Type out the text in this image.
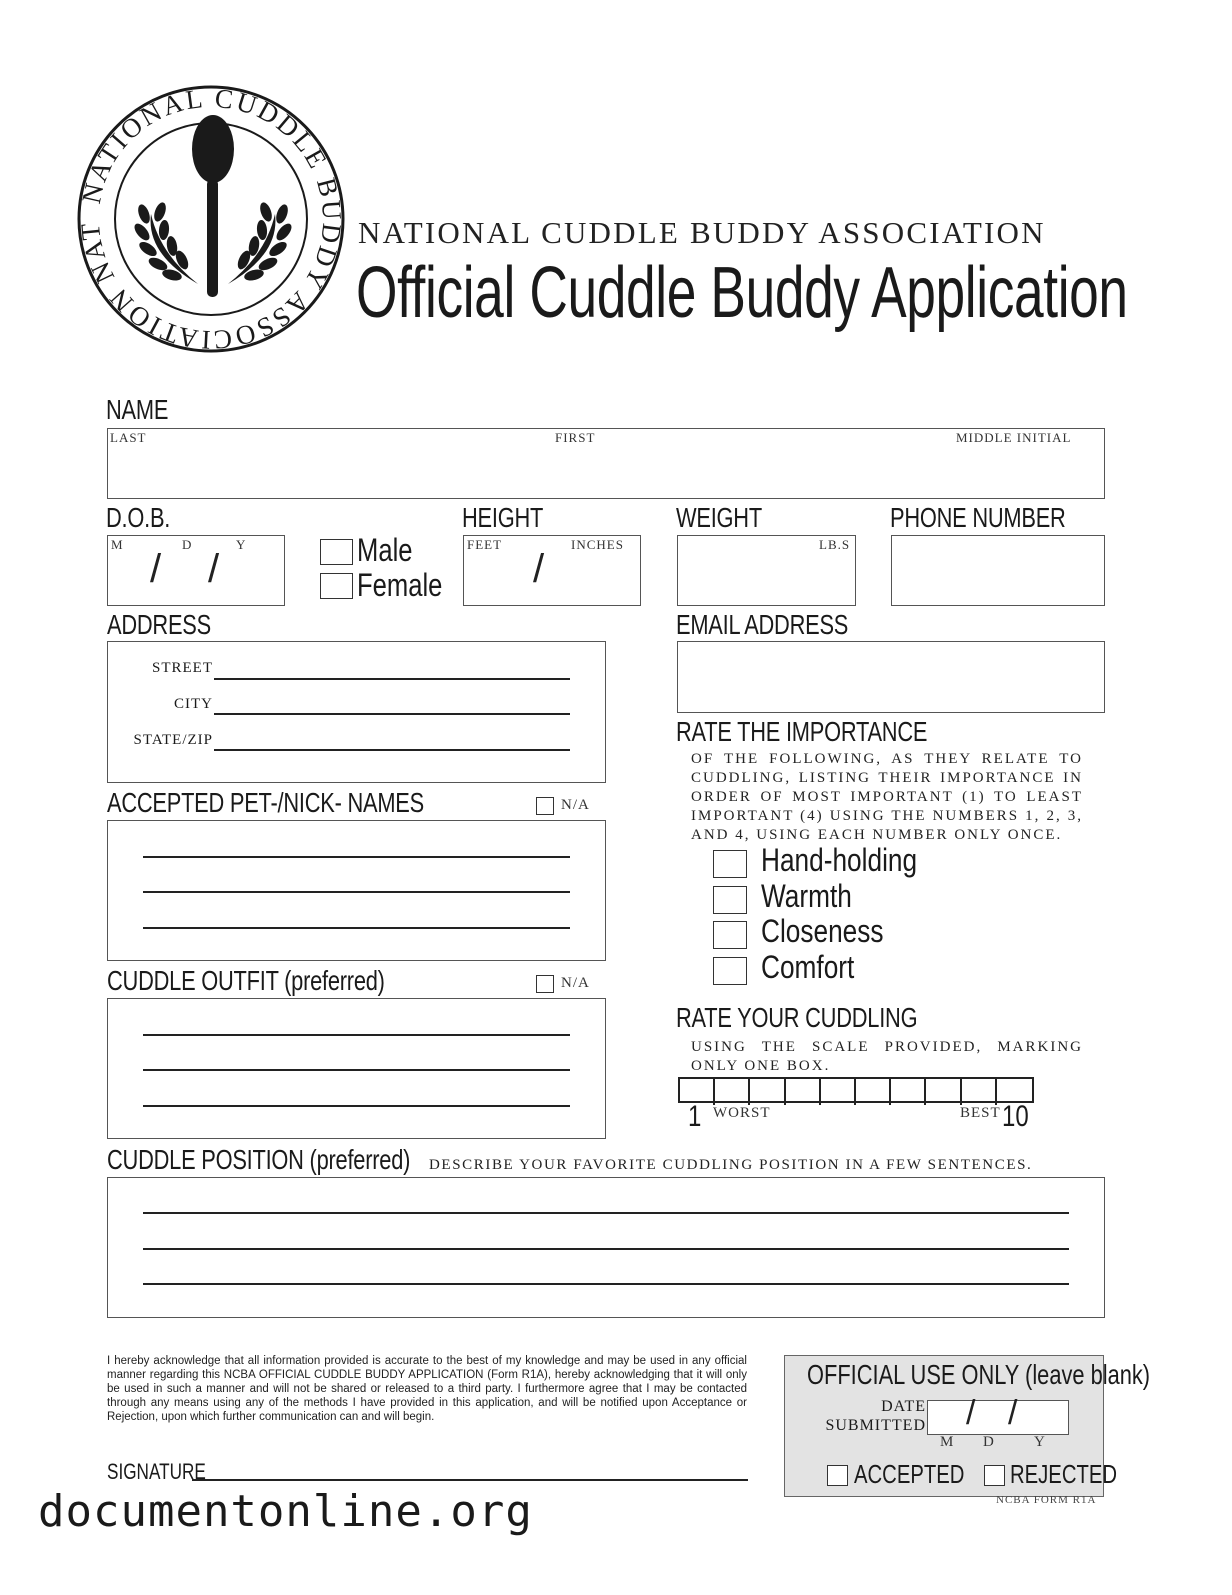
NATIONAL CUDDLE BUDDY ASSOCIATION NAT	NATIONAL CUDDLE BUDDY ASSOCIATION
Official Cuddle Buddy Application
NAME
LAST	FIRST	MIDDLE INITIAL
D.O.B.
M	D	Y
/ /	Male
Female
HEIGHT
FEET	INCHES
/
WEIGHT
LB.S
PHONE NUMBER
ADDRESS
STREET
CITY
STATE/ZIP
EMAIL ADDRESS
ACCEPTED PET-/NICK- NAMES	N/A
CUDDLE OUTFIT (preferred)	N/A
RATE THE IMPORTANCE
OF THE FOLLOWING, AS THEY RELATE TO CUDDLING, LISTING THEIR IMPORTANCE IN ORDER OF MOST IMPORTANT (1) TO LEAST IMPORTANT (4) USING THE NUMBERS 1, 2, 3, AND 4, USING EACH NUMBER ONLY ONCE.
Hand-holding
Warmth
Closeness
Comfort
RATE YOUR CUDDLING
USING THE SCALE PROVIDED, MARKING ONLY ONE BOX.
1 WORST	BEST 10
CUDDLE POSITION (preferred) DESCRIBE YOUR FAVORITE CUDDLING POSITION IN A FEW SENTENCES.
I hereby acknowledge that all information provided is accurate to the best of my knowledge and may be used in any official manner regarding this NCBA OFFICIAL CUDDLE BUDDY APPLICATION (Form R1A), hereby acknowledging that it will only be used in such a manner and will not be shared or released to a third party. I furthermore agree that I may be contacted through any means using any of the methods I have provided in this application, and will be notified upon Acceptance or Rejection, upon which further communication can and will begin.
SIGNATURE
OFFICIAL USE ONLY (leave blank)
DATE
SUBMITTED / /
M D	Y
ACCEPTED REJECTED
NCBA FORM R1A
documentonline.org
